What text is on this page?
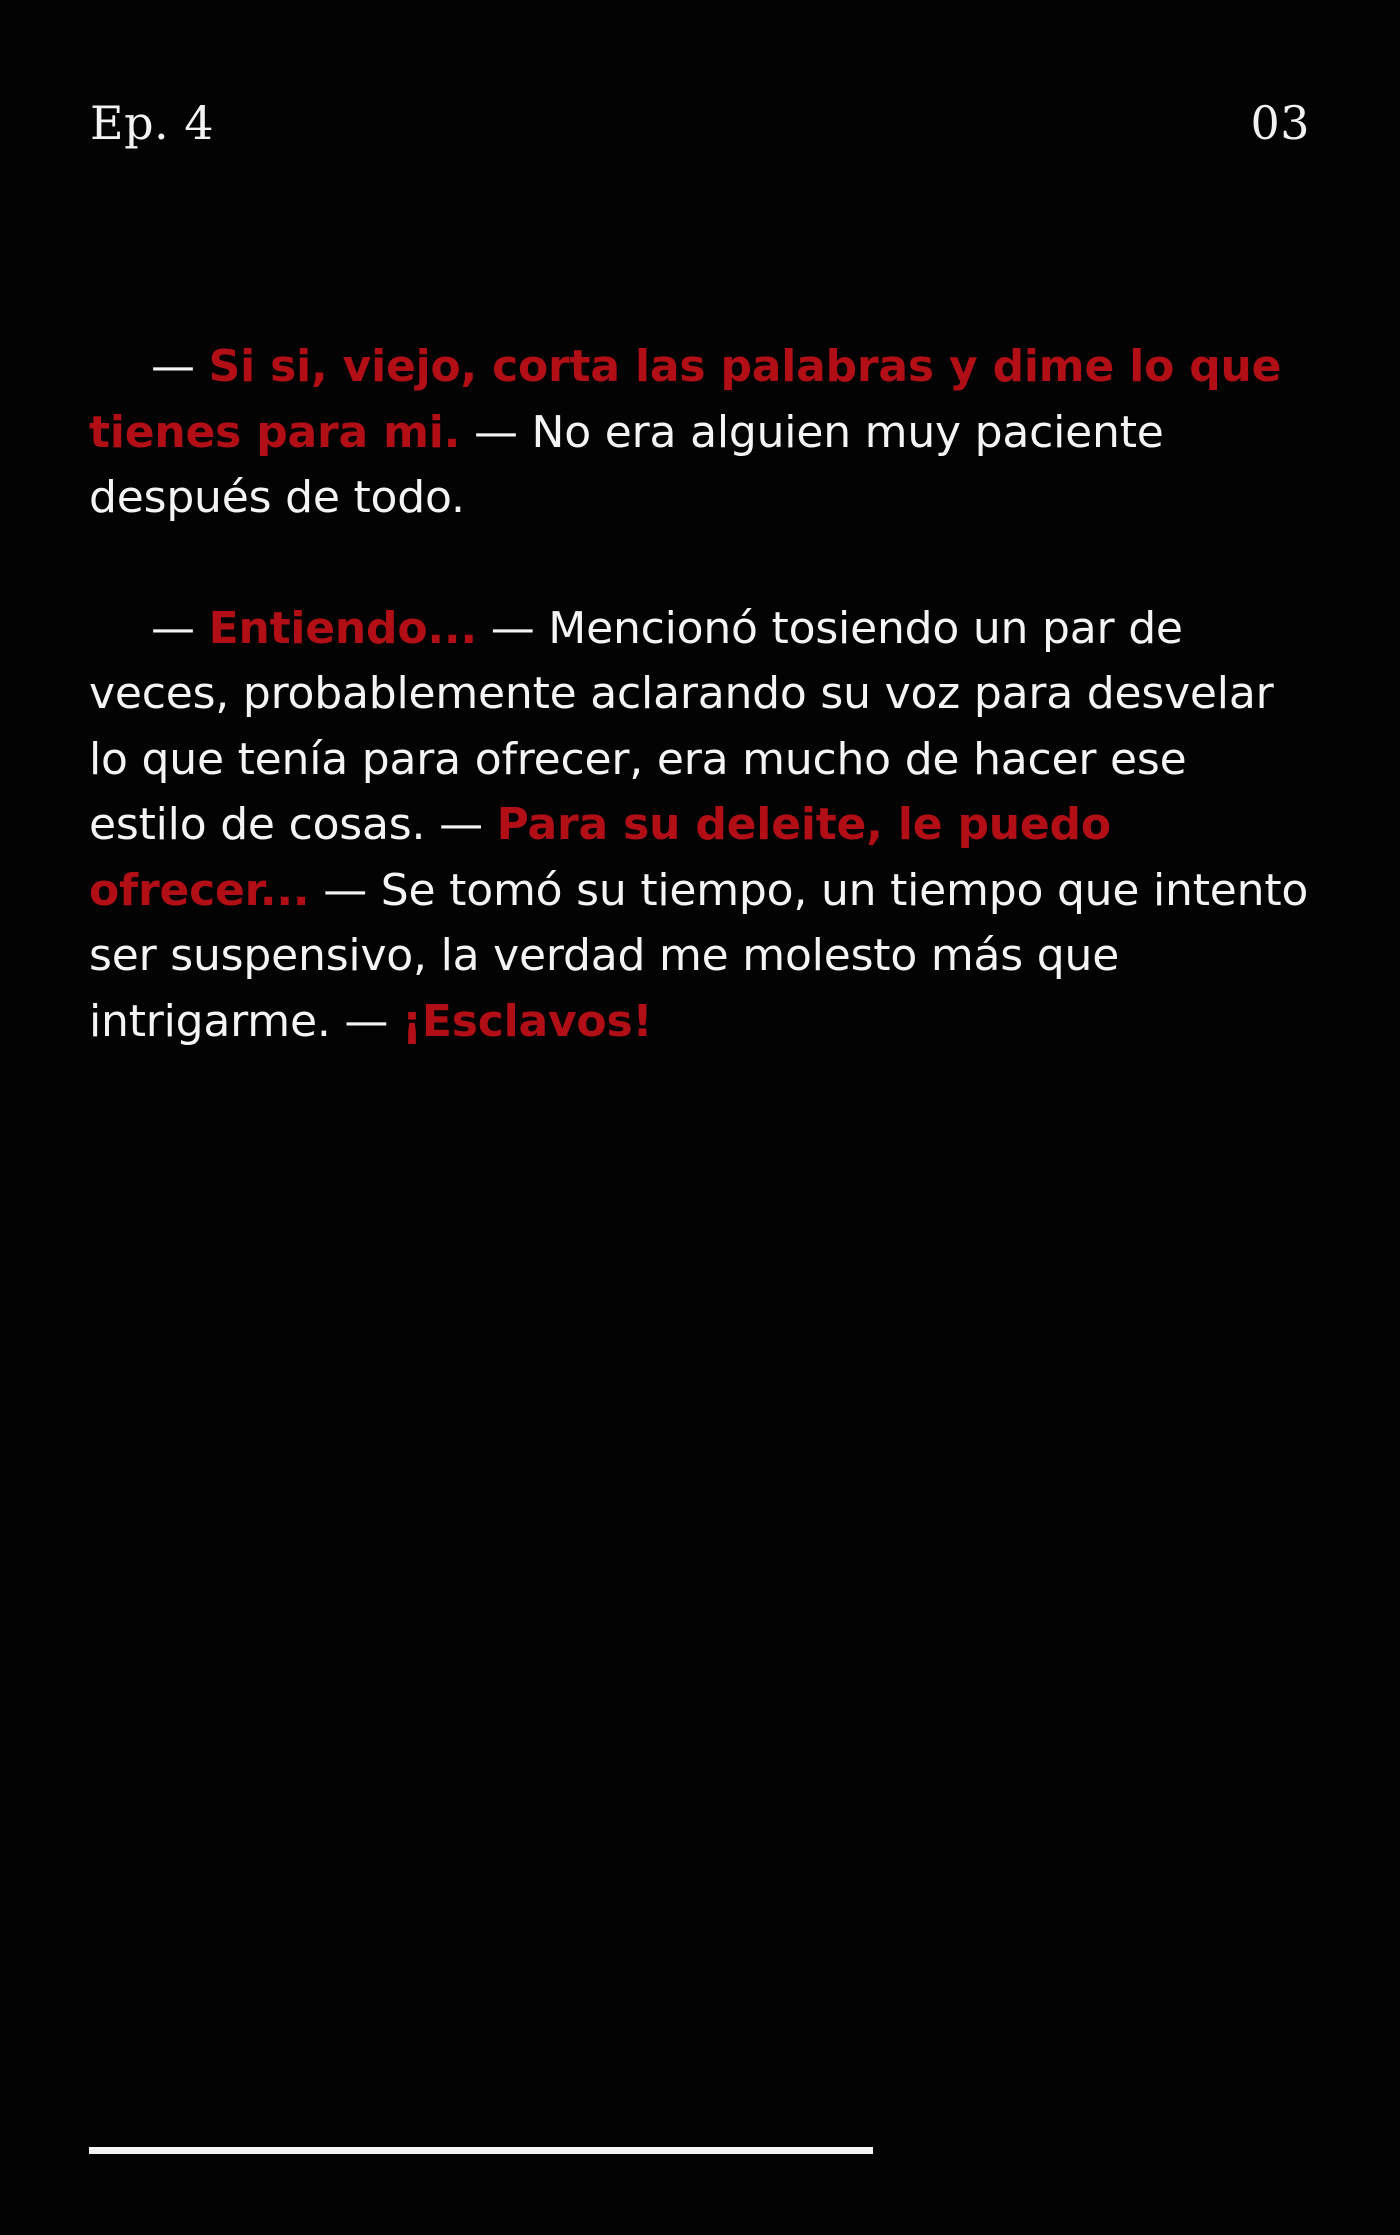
Ep. 4	03

— Si si, viejo, corta las palabras y dime lo que tienes para mi. — No era alguien muy paciente después de todo.

— Entiendo... — Mencionó tosiendo un par de veces, probablemente aclarando su voz para desvelar lo que tenía para ofrecer, era mucho de hacer ese estilo de cosas. — Para su deleite, le puedo ofrecer... — Se tomó su tiempo, un tiempo que intento ser suspensivo, la verdad me molesto más que intrigarme. — ¡Esclavos!
